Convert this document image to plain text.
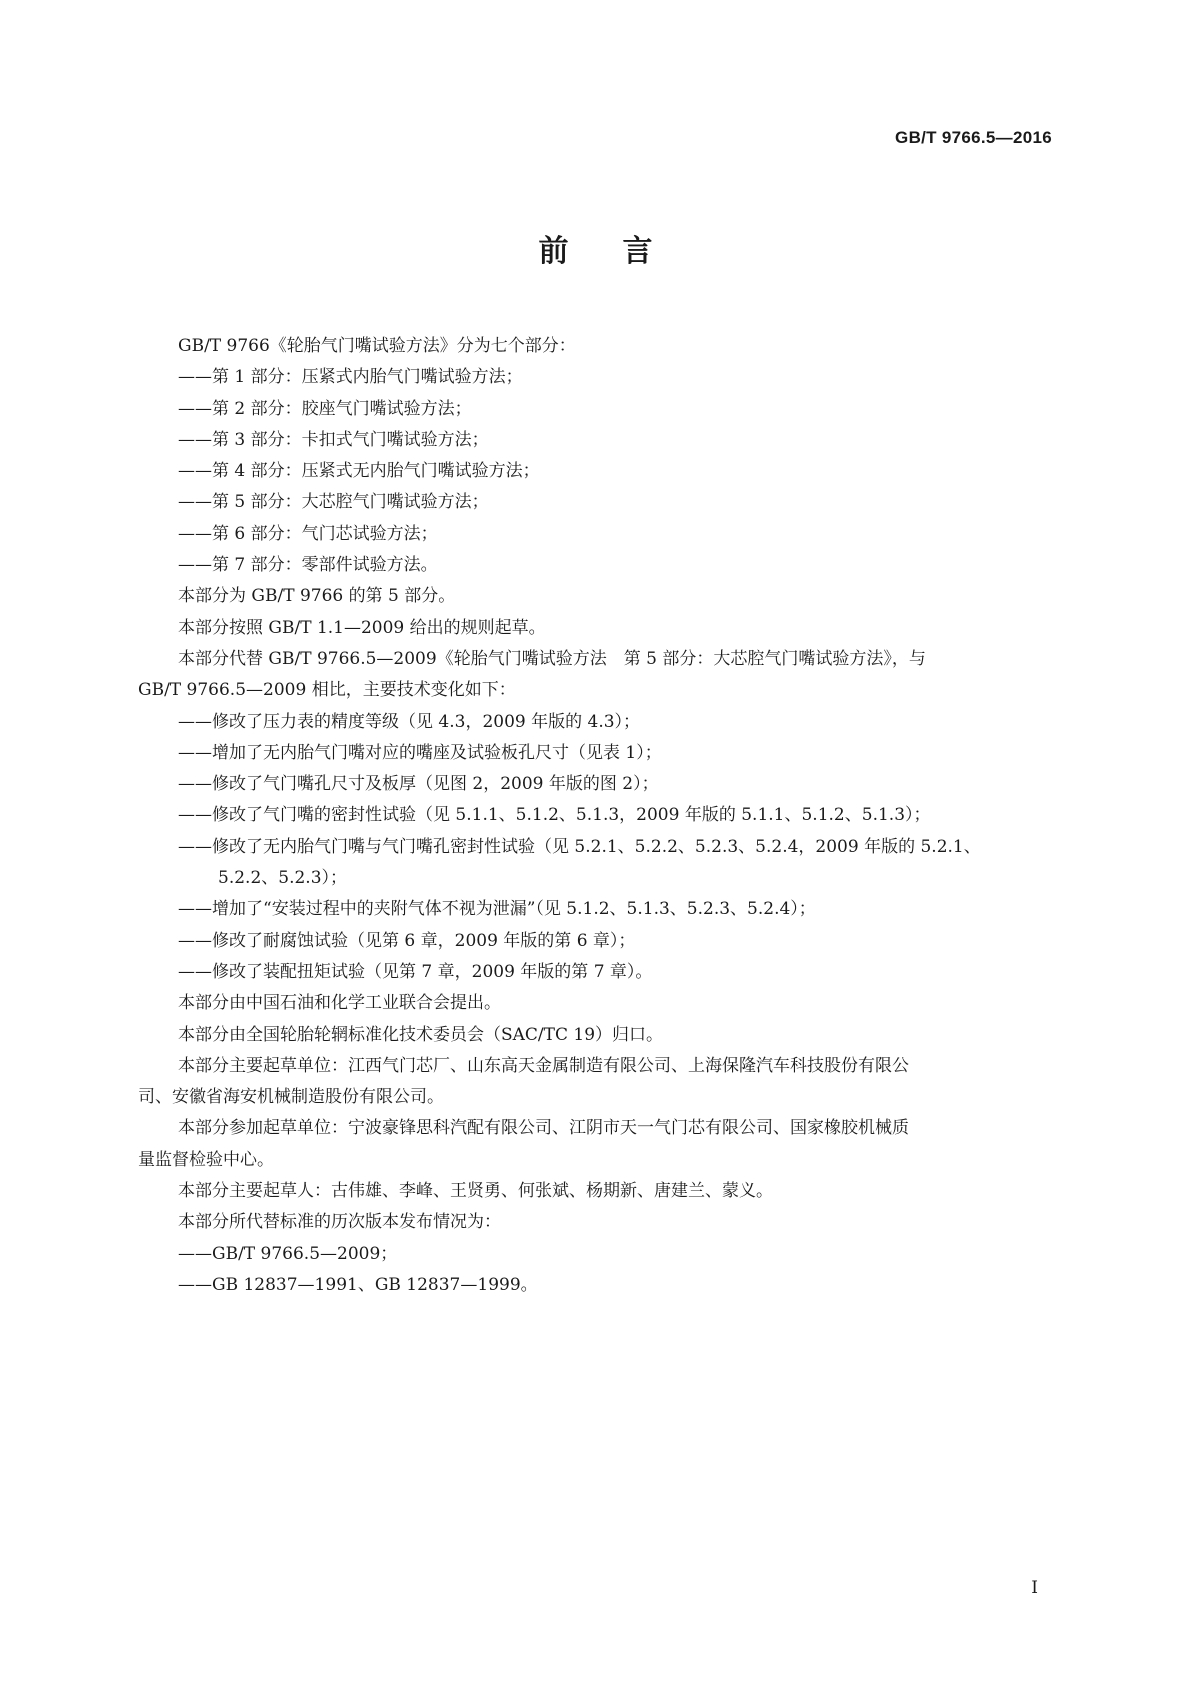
GB/T 9766.5—2016
前言
GB/T 9766《轮胎气门嘴试验方法》分为七个部分：
——第 1 部分：压紧式内胎气门嘴试验方法；
——第 2 部分：胶座气门嘴试验方法；
——第 3 部分：卡扣式气门嘴试验方法；
——第 4 部分：压紧式无内胎气门嘴试验方法；
——第 5 部分：大芯腔气门嘴试验方法；
——第 6 部分：气门芯试验方法；
——第 7 部分：零部件试验方法。
本部分为 GB/T 9766 的第 5 部分。
本部分按照 GB/T 1.1—2009 给出的规则起草。
本部分代替 GB/T 9766.5—2009《轮胎气门嘴试验方法　第 5 部分：大芯腔气门嘴试验方法》，与
GB/T 9766.5—2009 相比，主要技术变化如下：
——修改了压力表的精度等级（见 4.3，2009 年版的 4.3）；
——增加了无内胎气门嘴对应的嘴座及试验板孔尺寸（见表 1）；
——修改了气门嘴孔尺寸及板厚（见图 2，2009 年版的图 2）；
——修改了气门嘴的密封性试验（见 5.1.1、5.1.2、5.1.3，2009 年版的 5.1.1、5.1.2、5.1.3）；
——修改了无内胎气门嘴与气门嘴孔密封性试验（见 5.2.1、5.2.2、5.2.3、5.2.4，2009 年版的 5.2.1、
5.2.2、5.2.3）；
——增加了“安装过程中的夹附气体不视为泄漏”（见 5.1.2、5.1.3、5.2.3、5.2.4）；
——修改了耐腐蚀试验（见第 6 章，2009 年版的第 6 章）；
——修改了装配扭矩试验（见第 7 章，2009 年版的第 7 章）。
本部分由中国石油和化学工业联合会提出。
本部分由全国轮胎轮辋标准化技术委员会（SAC/TC 19）归口。
本部分主要起草单位：江西气门芯厂、山东高天金属制造有限公司、上海保隆汽车科技股份有限公
司、安徽省海安机械制造股份有限公司。
本部分参加起草单位：宁波豪锋思科汽配有限公司、江阴市天一气门芯有限公司、国家橡胶机械质
量监督检验中心。
本部分主要起草人：古伟雄、李峰、王贤勇、何张斌、杨期新、唐建兰、蒙义。
本部分所代替标准的历次版本发布情况为：
——GB/T 9766.5—2009；
——GB 12837—1991、GB 12837—1999。
I
